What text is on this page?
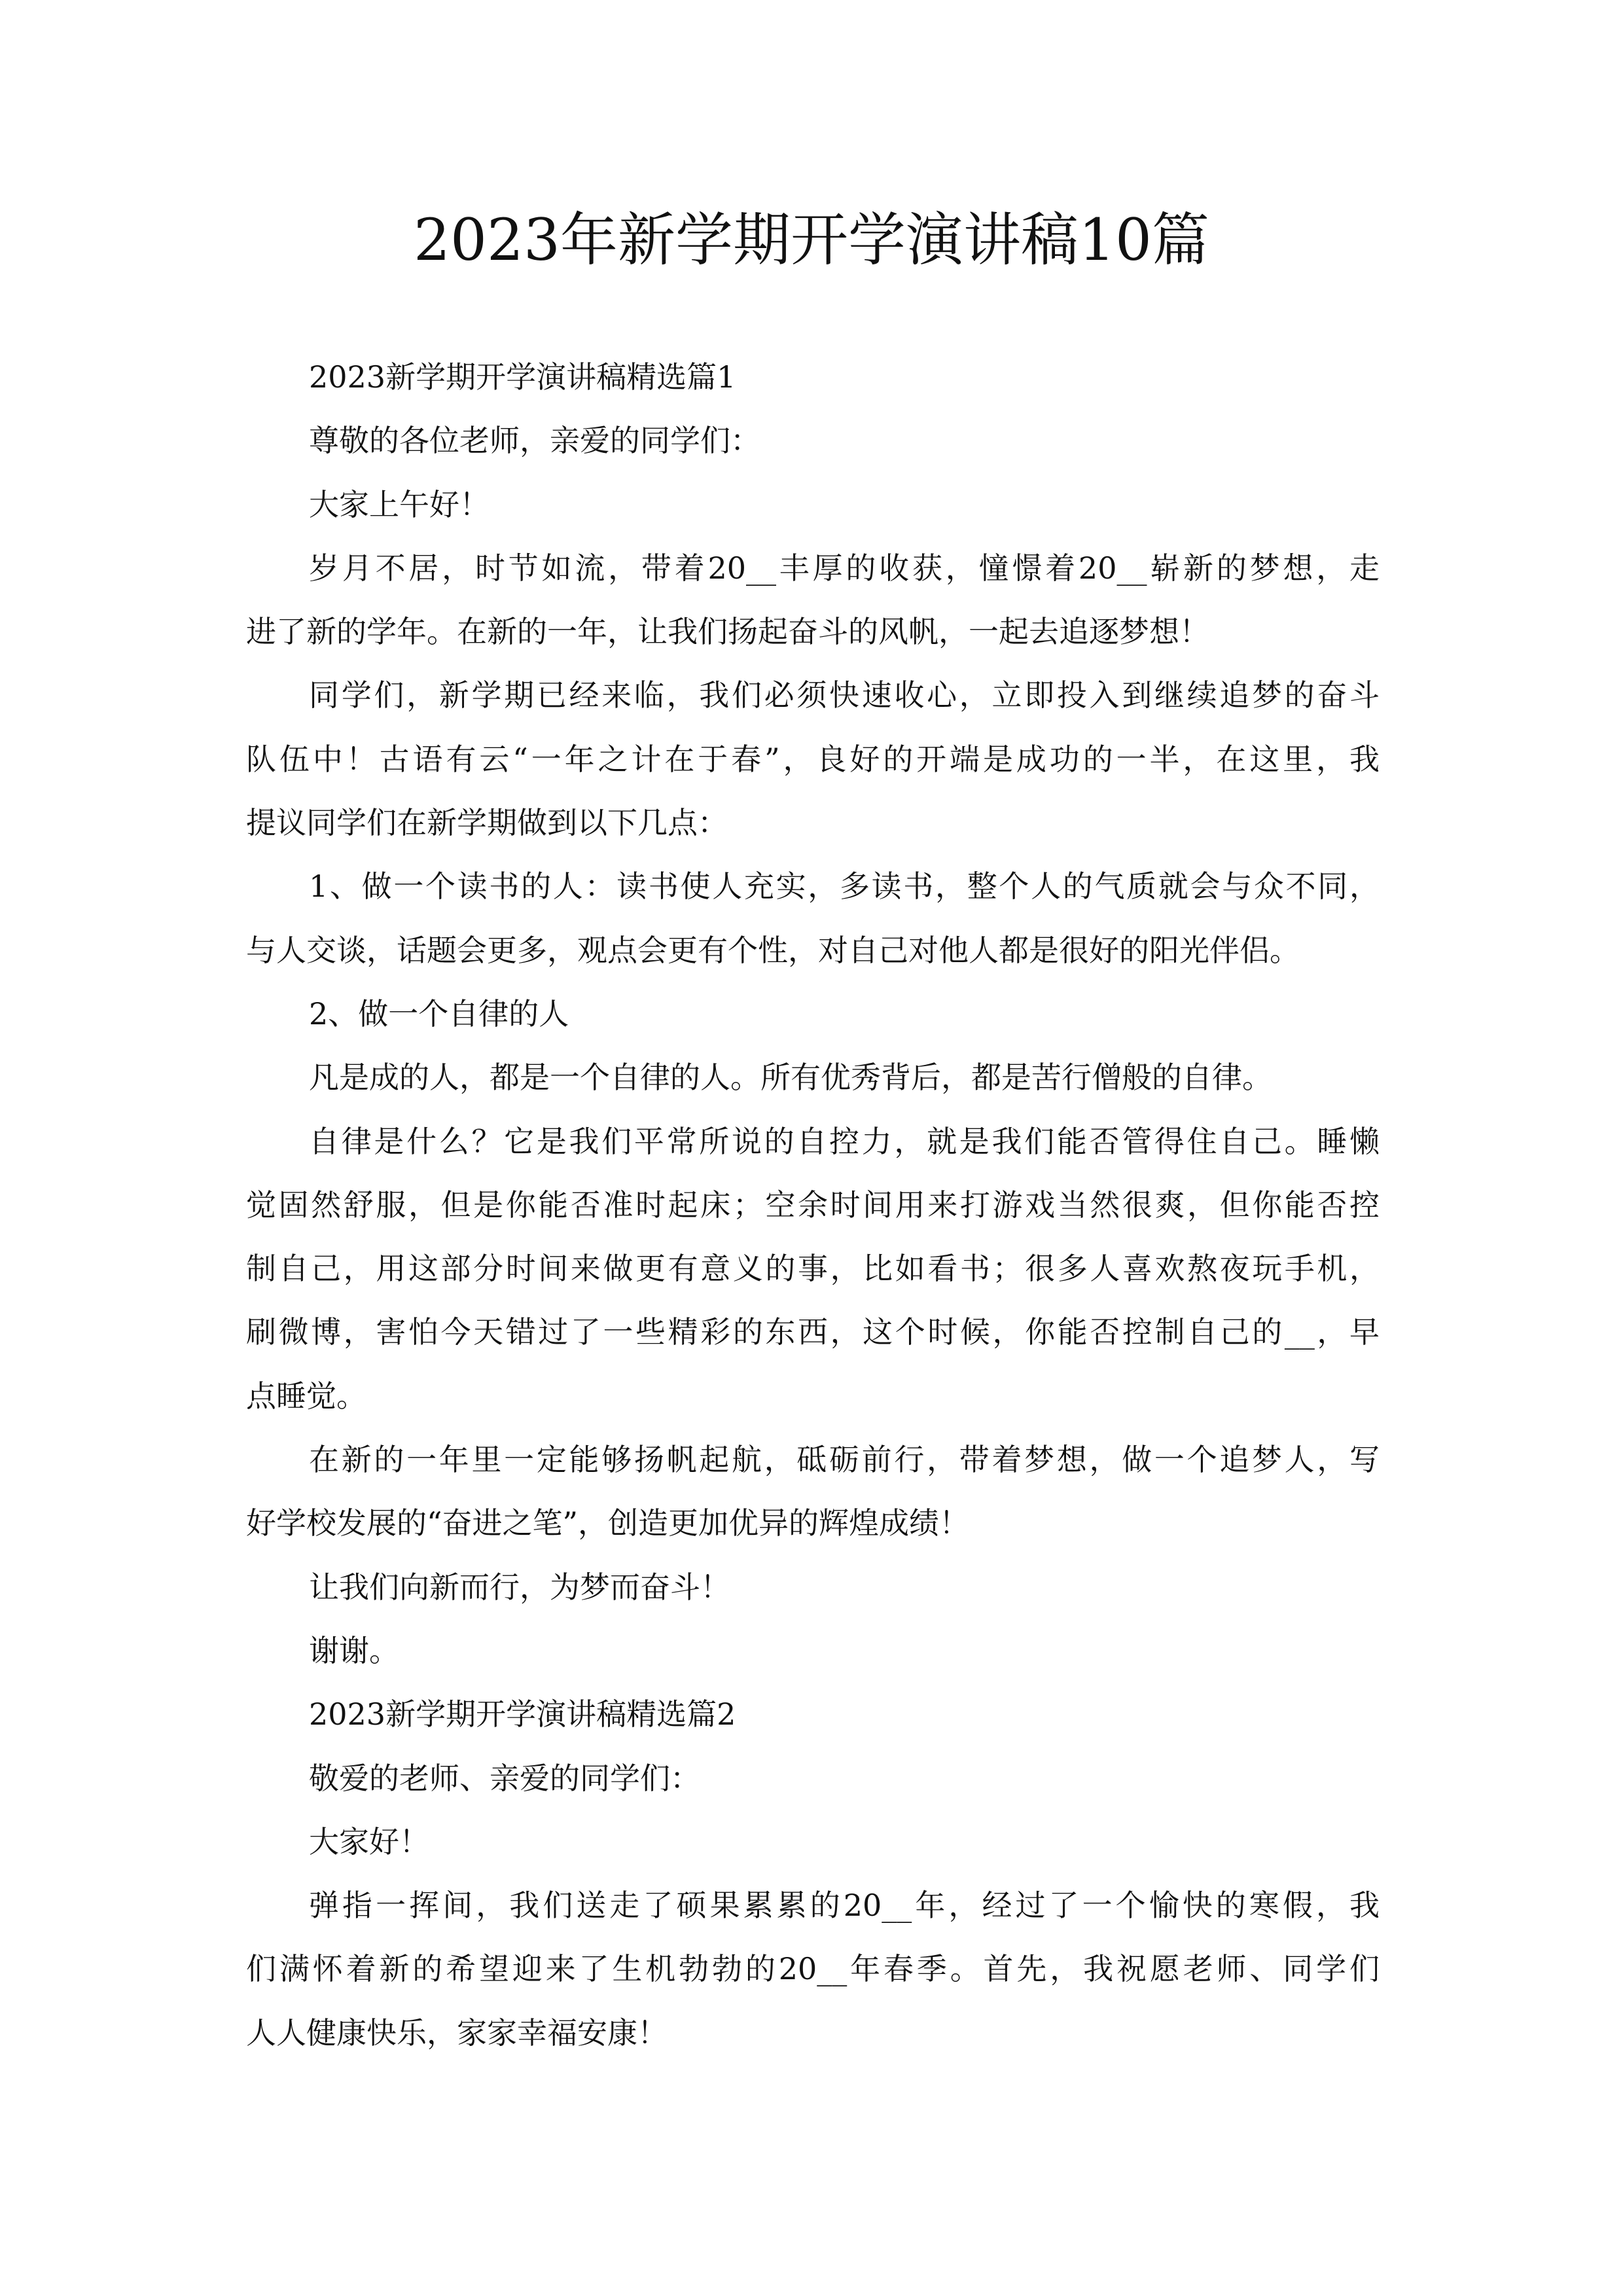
2023年新学期开学演讲稿10篇
2023新学期开学演讲稿精选篇1
尊敬的各位老师，亲爱的同学们：
大家上午好！
岁月不居，时节如流，带着20__丰厚的收获，憧憬着20__崭新的梦想，走
进了新的学年。在新的一年，让我们扬起奋斗的风帆，一起去追逐梦想！
同学们，新学期已经来临，我们必须快速收心，立即投入到继续追梦的奋斗
队伍中！古语有云“一年之计在于春”，良好的开端是成功的一半，在这里，我
提议同学们在新学期做到以下几点：
1、做一个读书的人：读书使人充实，多读书，整个人的气质就会与众不同，
与人交谈，话题会更多，观点会更有个性，对自己对他人都是很好的阳光伴侣。
2、做一个自律的人
凡是成的人，都是一个自律的人。所有优秀背后，都是苦行僧般的自律。
自律是什么？它是我们平常所说的自控力，就是我们能否管得住自己。睡懒
觉固然舒服，但是你能否准时起床；空余时间用来打游戏当然很爽，但你能否控
制自己，用这部分时间来做更有意义的事，比如看书；很多人喜欢熬夜玩手机，
刷微博，害怕今天错过了一些精彩的东西，这个时候，你能否控制自己的__，早
点睡觉。
在新的一年里一定能够扬帆起航，砥砺前行，带着梦想，做一个追梦人，写
好学校发展的“奋进之笔”，创造更加优异的辉煌成绩！
让我们向新而行，为梦而奋斗！
谢谢。
2023新学期开学演讲稿精选篇2
敬爱的老师、亲爱的同学们：
大家好！
弹指一挥间，我们送走了硕果累累的20__年，经过了一个愉快的寒假，我
们满怀着新的希望迎来了生机勃勃的20__年春季。首先，我祝愿老师、同学们
人人健康快乐，家家幸福安康！
